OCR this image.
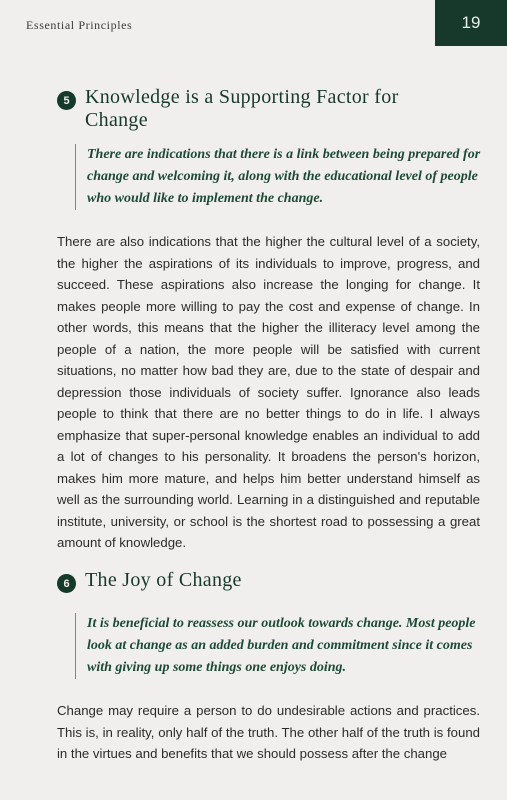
Essential Principles	19
5 Knowledge is a Supporting Factor for Change
There are indications that there is a link between being prepared for change and welcoming it, along with the educational level of people who would like to implement the change.

There are also indications that the higher the cultural level of a society, the higher the aspirations of its individuals to improve, progress, and succeed. These aspirations also increase the longing for change. It makes people more willing to pay the cost and expense of change. In other words, this means that the higher the illiteracy level among the people of a nation, the more people will be satisfied with current situations, no matter how bad they are, due to the state of despair and depression those individuals of society suffer. Ignorance also leads people to think that there are no better things to do in life. I always emphasize that super-personal knowledge enables an individual to add a lot of changes to his personality. It broadens the person's horizon, makes him more mature, and helps him better understand himself as well as the surrounding world. Learning in a distinguished and reputable institute, university, or school is the shortest road to possessing a great amount of knowledge.

6 The Joy of Change
It is beneficial to reassess our outlook towards change. Most people look at change as an added burden and commitment since it comes with giving up some things one enjoys doing.

Change may require a person to do undesirable actions and practices. This is, in reality, only half of the truth. The other half of the truth is found in the virtues and benefits that we should possess after the change
